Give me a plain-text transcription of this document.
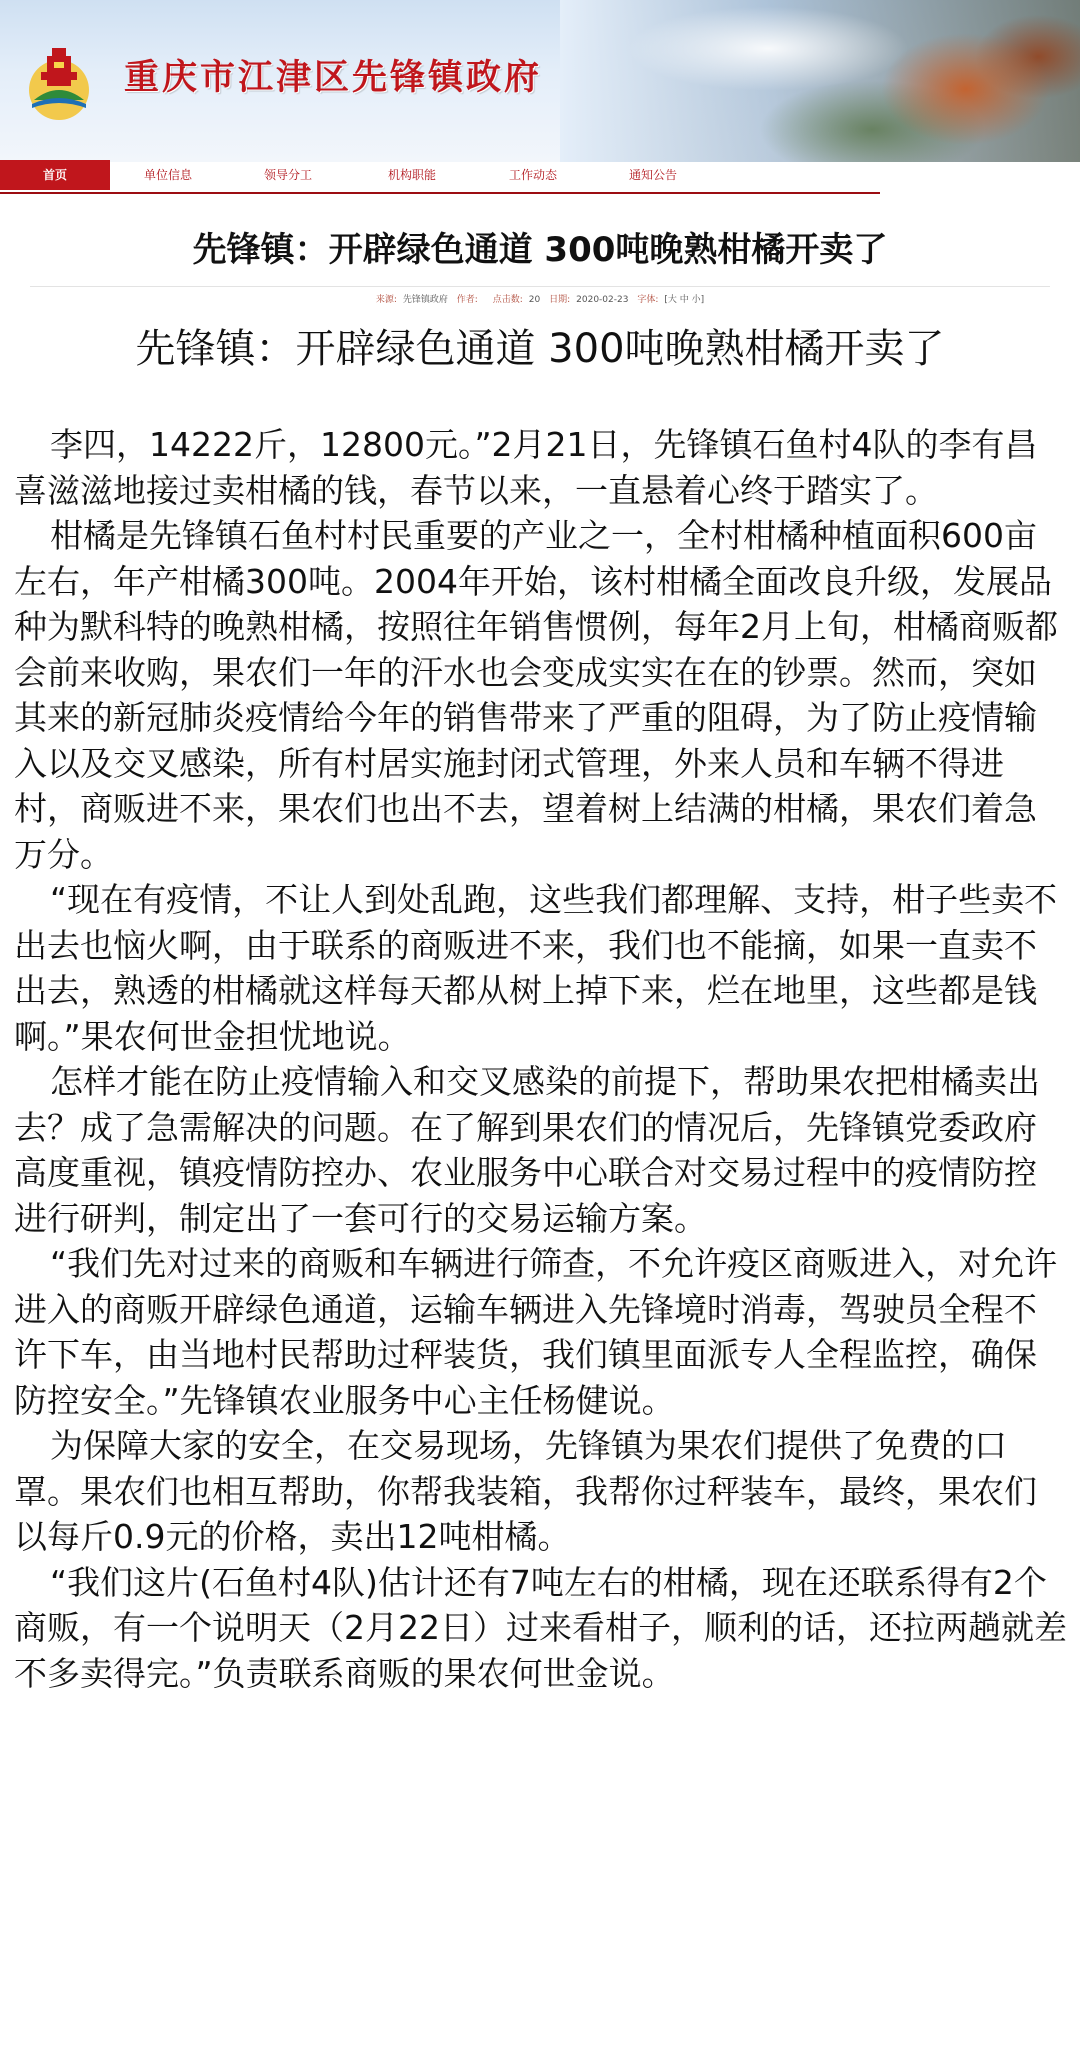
重庆市江津区先锋镇政府
首页	单位信息	领导分工	机构职能	工作动态	通知公告
先锋镇：开辟绿色通道 300吨晚熟柑橘开卖了
来源: 先锋镇政府 作者: 点击数: 20 日期: 2020-02-23 字体: [大 中 小]
先锋镇：开辟绿色通道 300吨晚熟柑橘开卖了

李四，14222斤，12800元。”2月21日，先锋镇石鱼村4队的李有昌喜滋滋地接过卖柑橘的钱，春节以来，一直悬着心终于踏实了。

柑橘是先锋镇石鱼村村民重要的产业之一，全村柑橘种植面积600亩左右，年产柑橘300吨。2004年开始，该村柑橘全面改良升级，发展品种为默科特的晚熟柑橘，按照往年销售惯例，每年2月上旬，柑橘商贩都会前来收购，果农们一年的汗水也会变成实实在在的钞票。然而，突如其来的新冠肺炎疫情给今年的销售带来了严重的阻碍，为了防止疫情输入以及交叉感染，所有村居实施封闭式管理，外来人员和车辆不得进村，商贩进不来，果农们也出不去，望着树上结满的柑橘，果农们着急万分。

“现在有疫情，不让人到处乱跑，这些我们都理解、支持，柑子些卖不出去也恼火啊，由于联系的商贩进不来，我们也不能摘，如果一直卖不出去，熟透的柑橘就这样每天都从树上掉下来，烂在地里，这些都是钱啊。”果农何世金担忧地说。

怎样才能在防止疫情输入和交叉感染的前提下，帮助果农把柑橘卖出去？成了急需解决的问题。在了解到果农们的情况后，先锋镇党委政府高度重视，镇疫情防控办、农业服务中心联合对交易过程中的疫情防控进行研判，制定出了一套可行的交易运输方案。

“我们先对过来的商贩和车辆进行筛查，不允许疫区商贩进入，对允许进入的商贩开辟绿色通道，运输车辆进入先锋境时消毒，驾驶员全程不许下车，由当地村民帮助过秤装货，我们镇里面派专人全程监控，确保防控安全。”先锋镇农业服务中心主任杨健说。

为保障大家的安全，在交易现场，先锋镇为果农们提供了免费的口罩。果农们也相互帮助，你帮我装箱，我帮你过秤装车，最终，果农们以每斤0.9元的价格，卖出12吨柑橘。

“我们这片(石鱼村4队)估计还有7吨左右的柑橘，现在还联系得有2个商贩，有一个说明天（2月22日）过来看柑子，顺利的话，还拉两趟就差不多卖得完。”负责联系商贩的果农何世金说。
